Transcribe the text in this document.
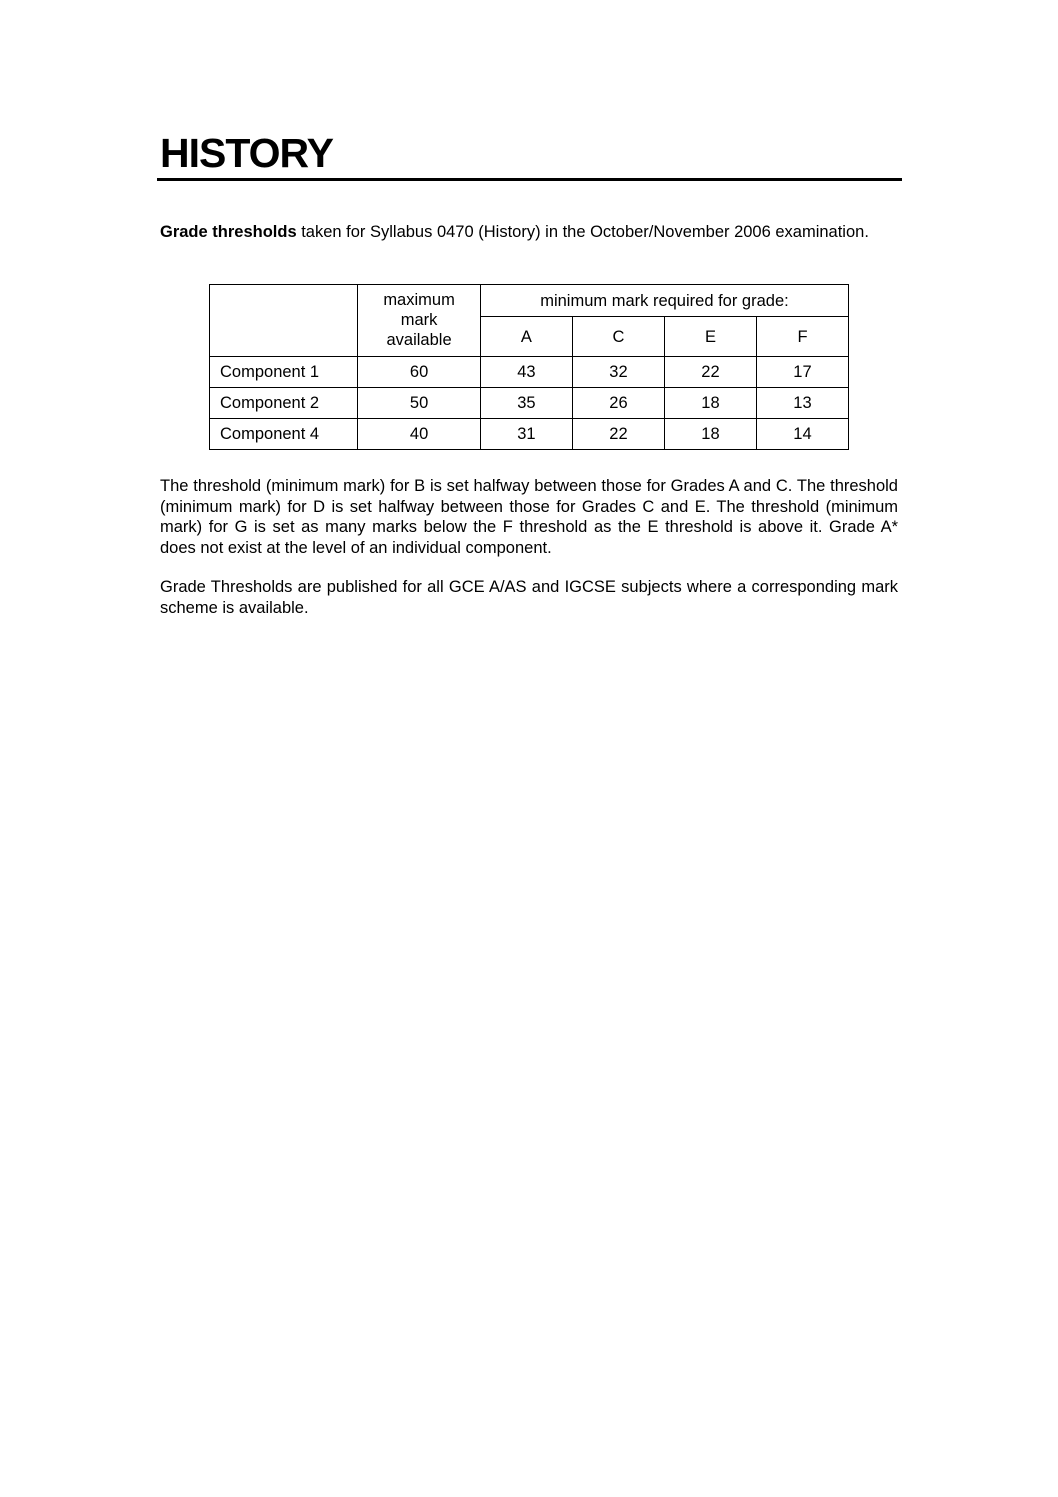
HISTORY

Grade thresholds taken for Syllabus 0470 (History) in the October/November 2006 examination.

	maximum mark available	minimum mark required for grade:			
		A	C	E	F
Component 1	60	43	32	22	17
Component 2	50	35	26	18	13
Component 4	40	31	22	18	14

The threshold (minimum mark) for B is set halfway between those for Grades A and C. The threshold (minimum mark) for D is set halfway between those for Grades C and E. The threshold (minimum mark) for G is set as many marks below the F threshold as the E threshold is above it. Grade A* does not exist at the level of an individual component.

Grade Thresholds are published for all GCE A/AS and IGCSE subjects where a corresponding mark scheme is available.
